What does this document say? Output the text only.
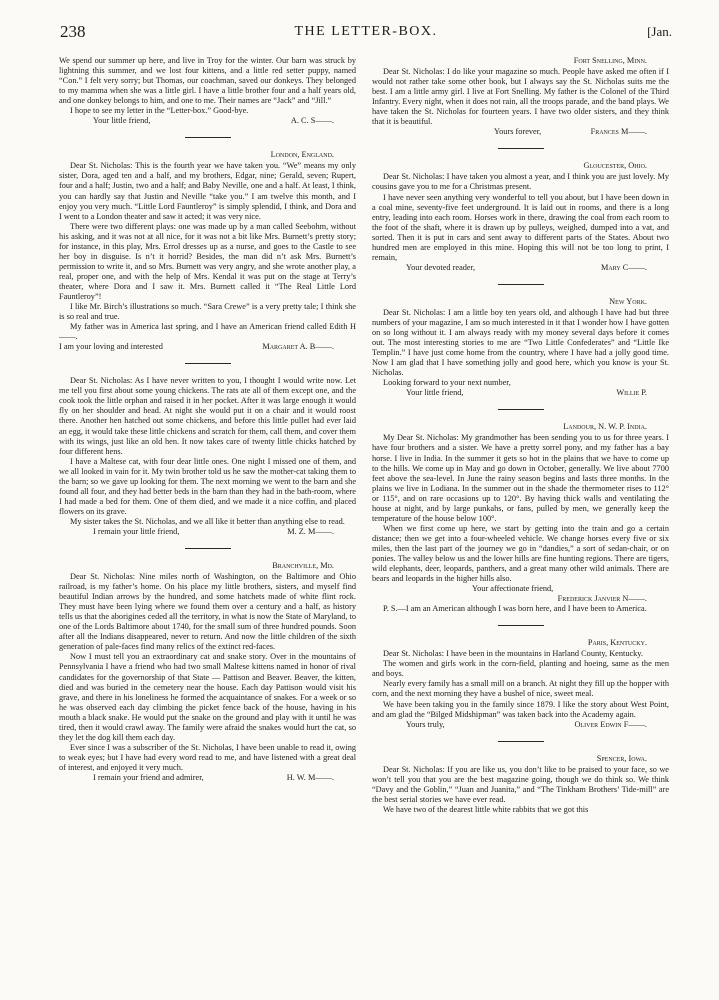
238	THE LETTER-BOX.	[Jan.

We spend our summer up here, and live in Troy for the winter. Our barn was struck by lightning this summer, and we lost four kittens, and a little red setter puppy, named “Con.” I felt very sorry; but Thomas, our coachman, saved our donkeys. They belonged to my mamma when she was a little girl. I have a little brother four and a half years old, and one donkey belongs to him, and one to me. Their names are “Jack” and “Jill.”

I hope to see my letter in the “Letter-box.” Good-bye.

Your little friend,	A. C. S——.
London, England.

Dear St. Nicholas: This is the fourth year we have taken you. “We” means my only sister, Dora, aged ten and a half, and my brothers, Edgar, nine; Gerald, seven; Rupert, four and a half; Justin, two and a half; and Baby Neville, one and a half. At least, I think, you can hardly say that Justin and Neville “take you.” I am twelve this month, and I enjoy you very much. “Little Lord Fauntleroy” is simply splendid, I think, and Dora and I went to a London theater and saw it acted; it was very nice.

There were two different plays: one was made up by a man called Seebohm, without his asking, and it was not at all nice, for it was not a bit like Mrs. Burnett’s pretty story; for instance, in this play, Mrs. Errol dresses up as a nurse, and goes to the Castle to see her boy in disguise. Is n’t it horrid? Besides, the man did n’t ask Mrs. Burnett’s permission to write it, and so Mrs. Burnett was very angry, and she wrote another play, a real, proper one, and with the help of Mrs. Kendal it was put on the stage at Terry’s theater, where Dora and I saw it. Mrs. Burnett called it “The Real Little Lord Fauntleroy”!

I like Mr. Birch’s illustrations so much. “Sara Crewe” is a very pretty tale; I think she is so real and true.

My father was in America last spring, and I have an American friend called Edith H——.

I am your loving and interested	Margaret A. B——.

Dear St. Nicholas: As I have never written to you, I thought I would write now. Let me tell you first about some young chickens. The rats ate all of them except one, and the cook took the little orphan and raised it in her pocket. After it was large enough it would fly on her shoulder and head. At night she would put it on a chair and it would roost there. Another hen hatched out some chickens, and before this little pullet had ever laid an egg, it would take these little chickens and scratch for them, call them, and cover them with its wings, just like an old hen. It now takes care of twenty little chicks hatched by four different hens.

I have a Maltese cat, with four dear little ones. One night I missed one of them, and we all looked in vain for it. My twin brother told us he saw the mother-cat taking them to the barn; so we gave up looking for them. The next morning we went to the barn and she found all four, and they had better beds in the barn than they had in the bath-room, where I had made a bed for them. One of them died, and we made it a nice coffin, and placed flowers on its grave.

My sister takes the St. Nicholas, and we all like it better than anything else to read.

I remain your little friend,	M. Z. M——.
Branchville, Md.

Dear St. Nicholas: Nine miles north of Washington, on the Baltimore and Ohio railroad, is my father’s home. On his place my little brothers, sisters, and myself find beautiful Indian arrows by the hundred, and some hatchets made of white flint rock. They must have been lying where we found them over a century and a half, as history tells us that the aborigines ceded all the territory, in what is now the State of Maryland, to one of the Lords Baltimore about 1740, for the small sum of three hundred pounds. Soon after all the Indians disappeared, never to return. And now the little children of the sixth generation of pale-faces find many relics of the extinct red-faces.

Now I must tell you an extraordinary cat and snake story. Over in the mountains of Pennsylvania I have a friend who had two small Maltese kittens named in honor of rival candidates for the governorship of that State — Pattison and Beaver. Beaver, the kitten, died and was buried in the cemetery near the house. Each day Pattison would visit his grave, and there in his loneliness he formed the acquaintance of snakes. For a week or so he was observed each day climbing the picket fence back of the house, having in his mouth a black snake. He would put the snake on the ground and play with it until he was tired, then it would crawl away. The family were afraid the snakes would hurt the cat, so they let the dog kill them each day.

Ever since I was a subscriber of the St. Nicholas, I have been unable to read it, owing to weak eyes; but I have had every word read to me, and have listened with a great deal of interest, and enjoyed it very much.

I remain your friend and admirer,	H. W. M——.
Fort Snelling, Minn.

Dear St. Nicholas: I do like your magazine so much. People have asked me often if I would not rather take some other book, but I always say the St. Nicholas suits me the best. I am a little army girl. I live at Fort Snelling. My father is the Colonel of the Third Infantry. Every night, when it does not rain, all the troops parade, and the band plays. We have taken the St. Nicholas for fourteen years. I have two older sisters, and they think that it is beautiful.

Yours forever,	Frances M——.
Gloucester, Ohio.

Dear St. Nicholas: I have taken you almost a year, and I think you are just lovely. My cousins gave you to me for a Christmas present.

I have never seen anything very wonderful to tell you about, but I have been down in a coal mine, seventy-five feet underground. It is laid out in rooms, and there is a long entry, leading into each room. Horses work in there, drawing the coal from each room to the foot of the shaft, where it is drawn up by pulleys, weighed, dumped into a vat, and sorted. Then it is put in cars and sent away to different parts of the States. About two hundred men are employed in this mine. Hoping this will not be too long to print, I remain,

Your devoted reader,	Mary C——.
New York.

Dear St. Nicholas: I am a little boy ten years old, and although I have had but three numbers of your magazine, I am so much interested in it that I wonder how I have gotten on so long without it. I am always ready with my money several days before it comes out. The most interesting stories to me are “Two Little Confederates” and “Little Ike Templin.” I have just come home from the country, where I have had a jolly good time. Now I am glad that I have something jolly and good here, which you know is your St. Nicholas.

Looking forward to your next number,

Your little friend,	Willie P.
Landour, N. W. P. India.

My Dear St. Nicholas: My grandmother has been sending you to us for three years. I have four brothers and a sister. We have a pretty sorrel pony, and my father has a bay horse. I live in India. In the summer it gets so hot in the plains that we have to come up to the hills. We come up in May and go down in October, generally. We live about 7700 feet above the sea-level. In June the rainy season begins and lasts three months. In the plains we live in Lodiana. In the summer out in the shade the thermometer rises to 112° or 115°, and on rare occasions up to 120°. By having thick walls and ventilating the house at night, and by large punkahs, or fans, pulled by men, we generally keep the temperature of the house below 100°.

When we first come up here, we start by getting into the train and go a certain distance; then we get into a four-wheeled vehicle. We change horses every five or six miles, then the last part of the journey we go in “dandies,” a sort of sedan-chair, or on ponies. The valley below us and the lower hills are fine hunting regions. There are tigers, wild elephants, deer, leopards, panthers, and a great many other wild animals. There are bears and leopards in the higher hills also.

Your affectionate friend,
Frederick Janvier N——.

P. S.—I am an American although I was born here, and I have been to America.

Paris, Kentucky.

Dear St. Nicholas: I have been in the mountains in Harland County, Kentucky.

The women and girls work in the corn-field, planting and hoeing, same as the men and boys.

Nearly every family has a small mill on a branch. At night they fill up the hopper with corn, and the next morning they have a bushel of nice, sweet meal.

We have been taking you in the family since 1879. I like the story about West Point, and am glad the “Bilged Midshipman” was taken back into the Academy again.

Yours truly,	Oliver Edwin F——.
Spencer, Iowa.

Dear St. Nicholas: If you are like us, you don’t like to be praised to your face, so we won’t tell you that you are the best magazine going, though we do think so. We think “Davy and the Goblin,” “Juan and Juanita,” and “The Tinkham Brothers’ Tide-mill” are the best serial stories we have ever read.

We have two of the dearest little white rabbits that we got this
